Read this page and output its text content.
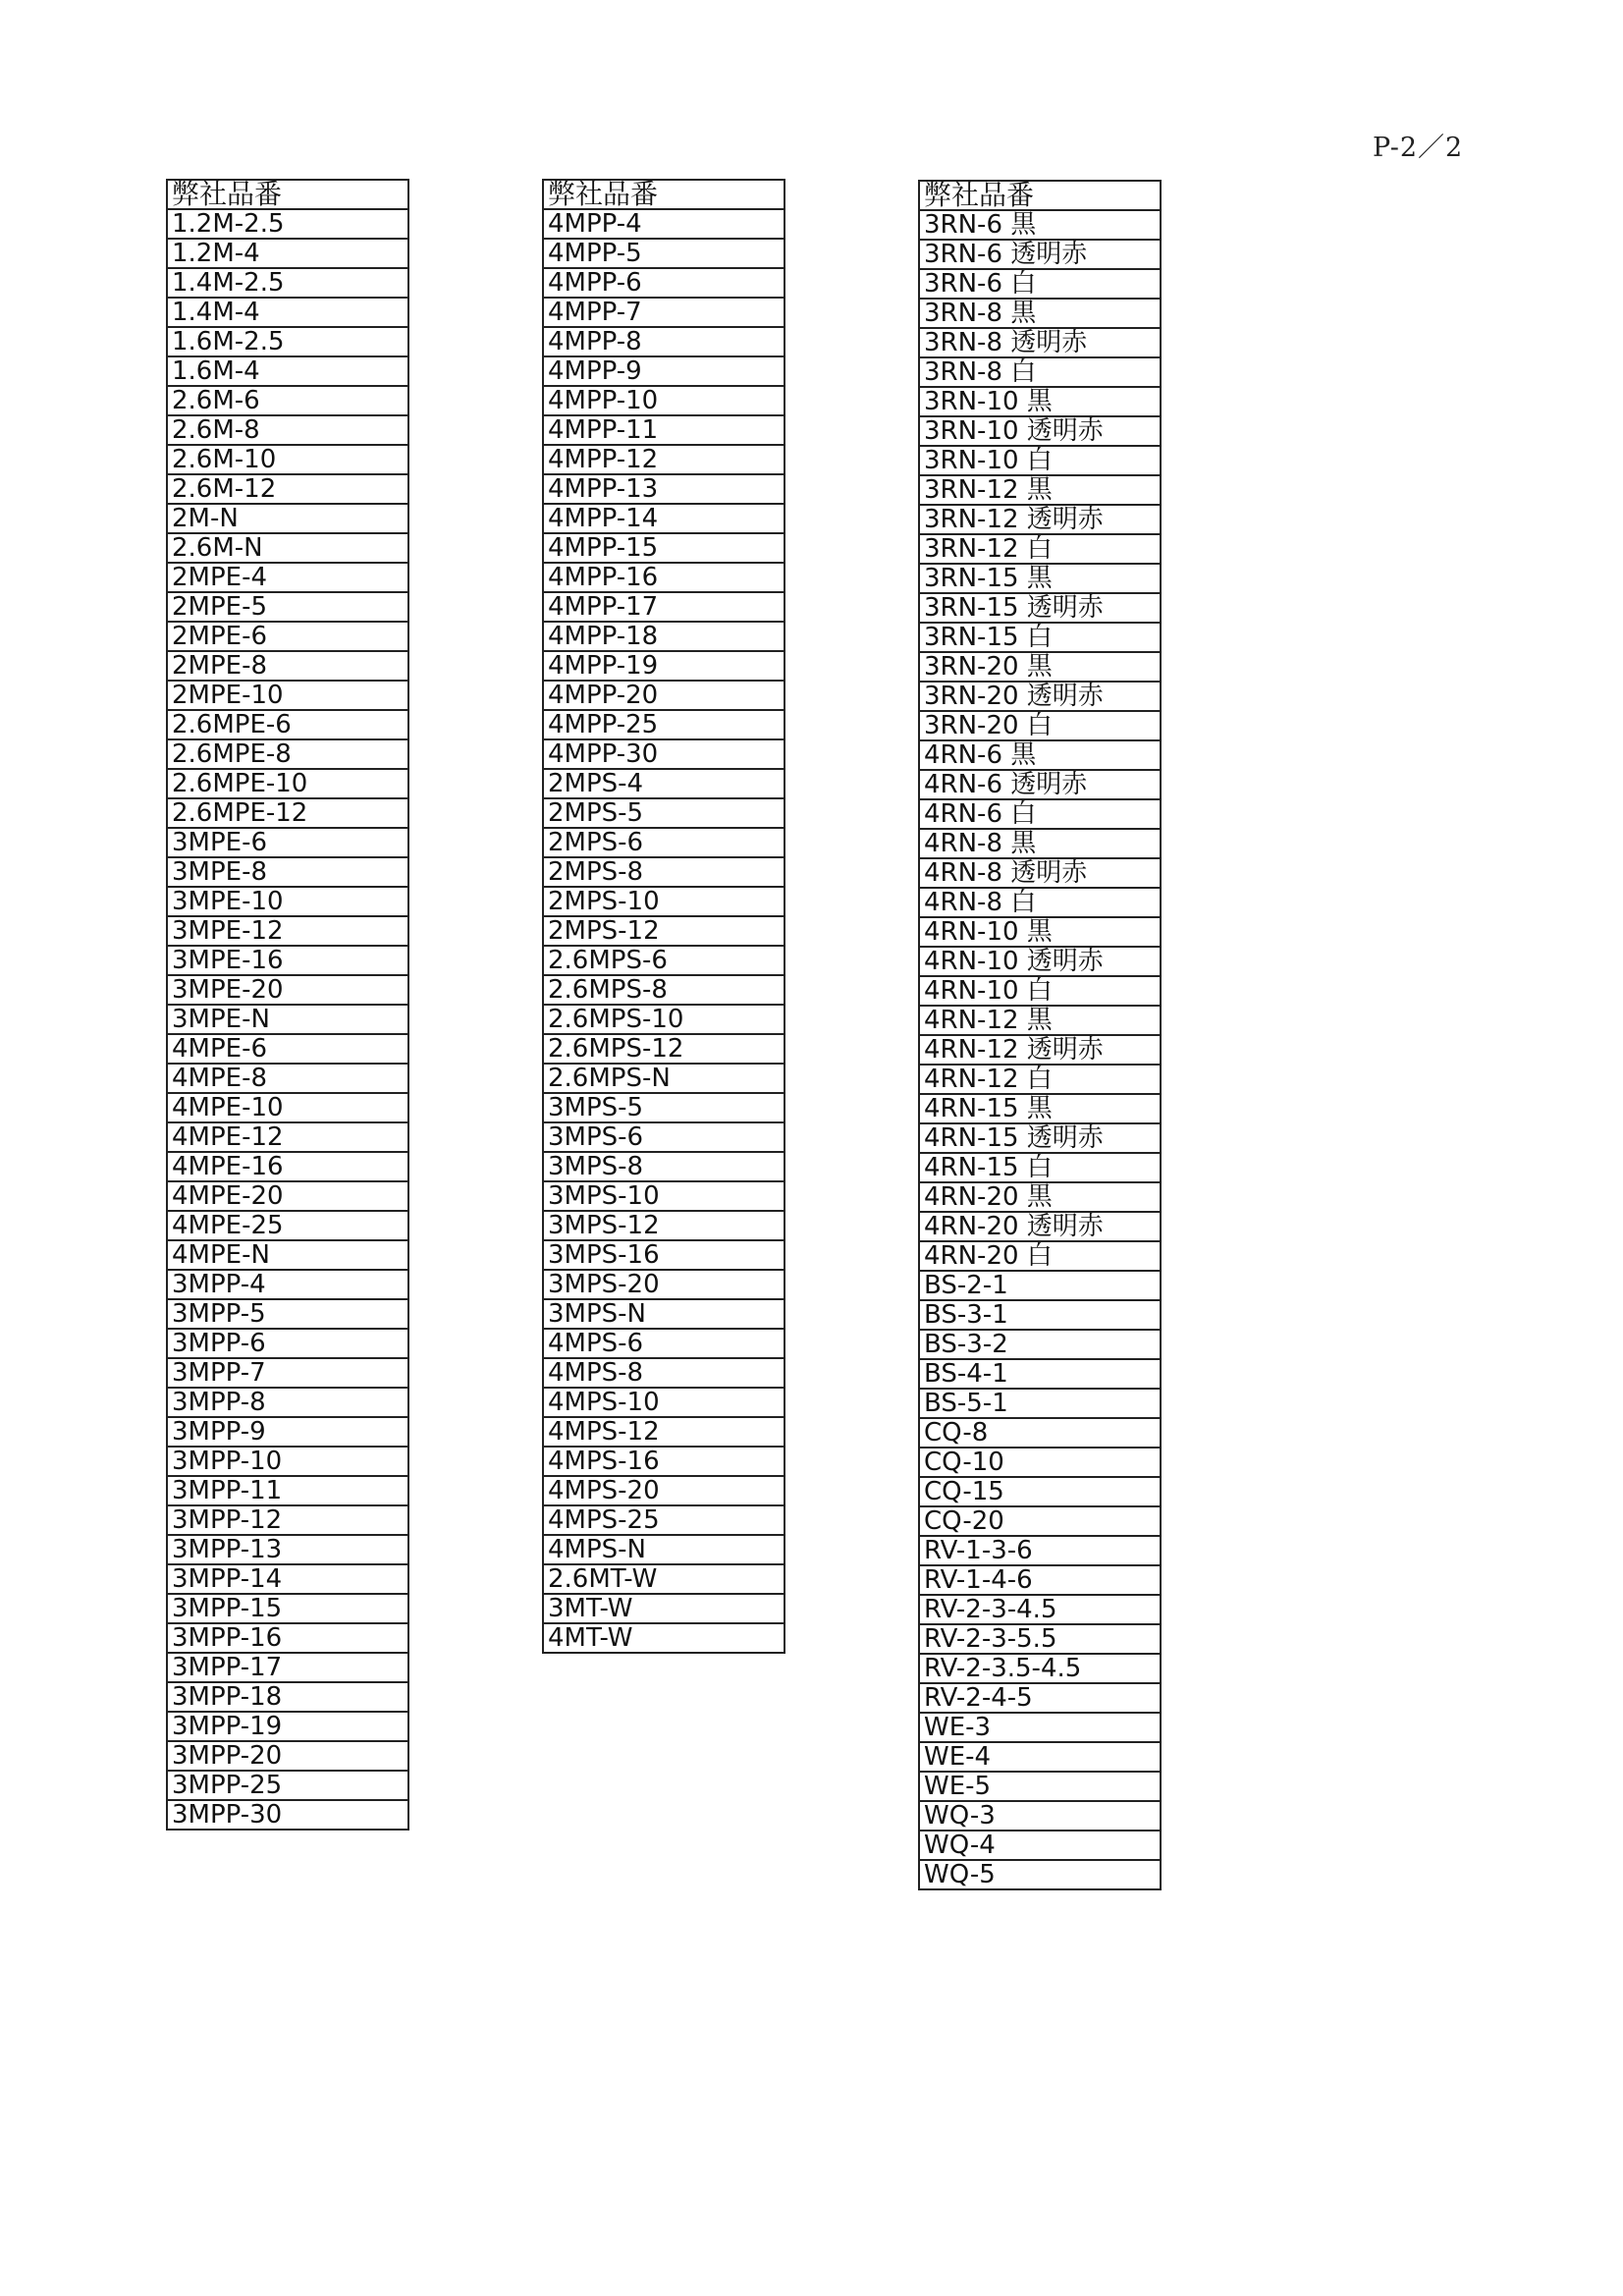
P-2／2
弊社品番
1.2M-2.5
1.2M-4
1.4M-2.5
1.4M-4
1.6M-2.5
1.6M-4
2.6M-6
2.6M-8
2.6M-10
2.6M-12
2M-N
2.6M-N
2MPE-4
2MPE-5
2MPE-6
2MPE-8
2MPE-10
2.6MPE-6
2.6MPE-8
2.6MPE-10
2.6MPE-12
3MPE-6
3MPE-8
3MPE-10
3MPE-12
3MPE-16
3MPE-20
3MPE-N
4MPE-6
4MPE-8
4MPE-10
4MPE-12
4MPE-16
4MPE-20
4MPE-25
4MPE-N
3MPP-4
3MPP-5
3MPP-6
3MPP-7
3MPP-8
3MPP-9
3MPP-10
3MPP-11
3MPP-12
3MPP-13
3MPP-14
3MPP-15
3MPP-16
3MPP-17
3MPP-18
3MPP-19
3MPP-20
3MPP-25
3MPP-30
弊社品番
4MPP-4
4MPP-5
4MPP-6
4MPP-7
4MPP-8
4MPP-9
4MPP-10
4MPP-11
4MPP-12
4MPP-13
4MPP-14
4MPP-15
4MPP-16
4MPP-17
4MPP-18
4MPP-19
4MPP-20
4MPP-25
4MPP-30
2MPS-4
2MPS-5
2MPS-6
2MPS-8
2MPS-10
2MPS-12
2.6MPS-6
2.6MPS-8
2.6MPS-10
2.6MPS-12
2.6MPS-N
3MPS-5
3MPS-6
3MPS-8
3MPS-10
3MPS-12
3MPS-16
3MPS-20
3MPS-N
4MPS-6
4MPS-8
4MPS-10
4MPS-12
4MPS-16
4MPS-20
4MPS-25
4MPS-N
2.6MT-W
3MT-W
4MT-W
弊社品番
3RN-6 黒
3RN-6 透明赤
3RN-6 白
3RN-8 黒
3RN-8 透明赤
3RN-8 白
3RN-10 黒
3RN-10 透明赤
3RN-10 白
3RN-12 黒
3RN-12 透明赤
3RN-12 白
3RN-15 黒
3RN-15 透明赤
3RN-15 白
3RN-20 黒
3RN-20 透明赤
3RN-20 白
4RN-6 黒
4RN-6 透明赤
4RN-6 白
4RN-8 黒
4RN-8 透明赤
4RN-8 白
4RN-10 黒
4RN-10 透明赤
4RN-10 白
4RN-12 黒
4RN-12 透明赤
4RN-12 白
4RN-15 黒
4RN-15 透明赤
4RN-15 白
4RN-20 黒
4RN-20 透明赤
4RN-20 白
BS-2-1
BS-3-1
BS-3-2
BS-4-1
BS-5-1
CQ-8
CQ-10
CQ-15
CQ-20
RV-1-3-6
RV-1-4-6
RV-2-3-4.5
RV-2-3-5.5
RV-2-3.5-4.5
RV-2-4-5
WE-3
WE-4
WE-5
WQ-3
WQ-4
WQ-5
